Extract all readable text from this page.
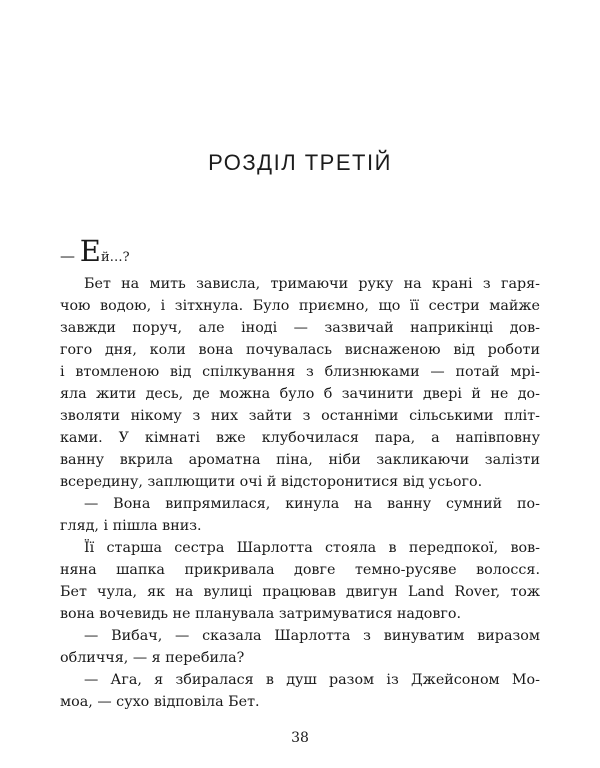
РОЗДІЛ ТРЕТІЙ

— Ей…?

Бет на мить зависла, тримаючи руку на крані з гаря-
чою водою, і зітхнула. Було приємно, що її сестри майже
завжди поруч, але іноді — зазвичай наприкінці дов-
гого дня, коли вона почувалась виснаженою від роботи
і втомленою від спілкування з близнюками — потай мрі-
яла жити десь, де можна було б зачинити двері й не до-
зволяти нікому з них зайти з останніми сільськими пліт-
ками. У кімнаті вже клубочилася пара, а напівповну
ванну вкрила ароматна піна, ніби закликаючи залізти
всередину, заплющити очі й відсторонитися від усього.
— Вона випрямилася, кинула на ванну сумний по-
гляд, і пішла вниз.
Її старша сестра Шарлотта стояла в передпокої, вов-
няна шапка прикривала довге темно-русяве волосся.
Бет чула, як на вулиці працював двигун Land Rover, тож
вона вочевидь не планувала затримуватися надовго.
— Вибач, — сказала Шарлотта з винуватим виразом
обличчя, — я перебила?
— Ага, я збиралася в душ разом із Джейсоном Мо-
моа, — сухо відповіла Бет.
38
